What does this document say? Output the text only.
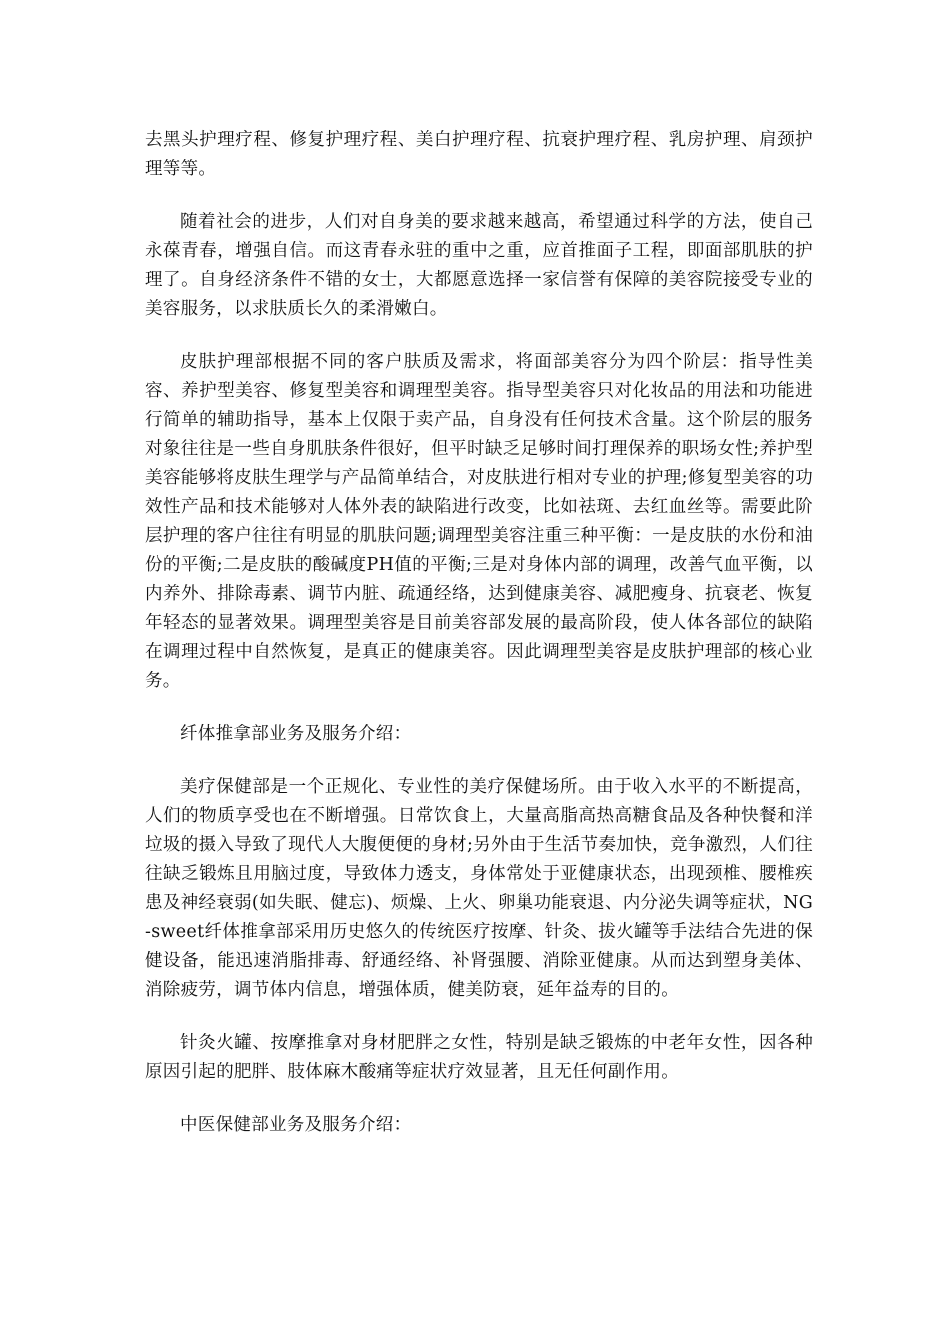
去黑头护理疗程、修复护理疗程、美白护理疗程、抗衰护理疗程、乳房护理、肩颈护理等等。

随着社会的进步，人们对自身美的要求越来越高，希望通过科学的方法，使自己永葆青春，增强自信。而这青春永驻的重中之重，应首推面子工程，即面部肌肤的护理了。自身经济条件不错的女士，大都愿意选择一家信誉有保障的美容院接受专业的美容服务，以求肤质长久的柔滑嫩白。

皮肤护理部根据不同的客户肤质及需求，将面部美容分为四个阶层：指导性美容、养护型美容、修复型美容和调理型美容。指导型美容只对化妆品的用法和功能进行简单的辅助指导，基本上仅限于卖产品，自身没有任何技术含量。这个阶层的服务对象往往是一些自身肌肤条件很好，但平时缺乏足够时间打理保养的职场女性;养护型美容能够将皮肤生理学与产品简单结合，对皮肤进行相对专业的护理;修复型美容的功效性产品和技术能够对人体外表的缺陷进行改变，比如祛斑、去红血丝等。需要此阶层护理的客户往往有明显的肌肤问题;调理型美容注重三种平衡：一是皮肤的水份和油份的平衡;二是皮肤的酸碱度PH值的平衡;三是对身体内部的调理，改善气血平衡，以内养外、排除毒素、调节内脏、疏通经络，达到健康美容、减肥瘦身、抗衰老、恢复年轻态的显著效果。调理型美容是目前美容部发展的最高阶段，使人体各部位的缺陷在调理过程中自然恢复，是真正的健康美容。因此调理型美容是皮肤护理部的核心业务。

纤体推拿部业务及服务介绍：

美疗保健部是一个正规化、专业性的美疗保健场所。由于收入水平的不断提高，人们的物质享受也在不断增强。日常饮食上，大量高脂高热高糖食品及各种快餐和洋垃圾的摄入导致了现代人大腹便便的身材;另外由于生活节奏加快，竞争激烈，人们往往缺乏锻炼且用脑过度，导致体力透支，身体常处于亚健康状态，出现颈椎、腰椎疾患及神经衰弱(如失眠、健忘)、烦燥、上火、卵巢功能衰退、内分泌失调等症状，NG-sweet纤体推拿部采用历史悠久的传统医疗按摩、针灸、拔火罐等手法结合先进的保健设备，能迅速消脂排毒、舒通经络、补肾强腰、消除亚健康。从而达到塑身美体、消除疲劳，调节体内信息，增强体质，健美防衰，延年益寿的目的。

针灸火罐、按摩推拿对身材肥胖之女性，特别是缺乏锻炼的中老年女性，因各种原因引起的肥胖、肢体麻木酸痛等症状疗效显著，且无任何副作用。

中医保健部业务及服务介绍：
